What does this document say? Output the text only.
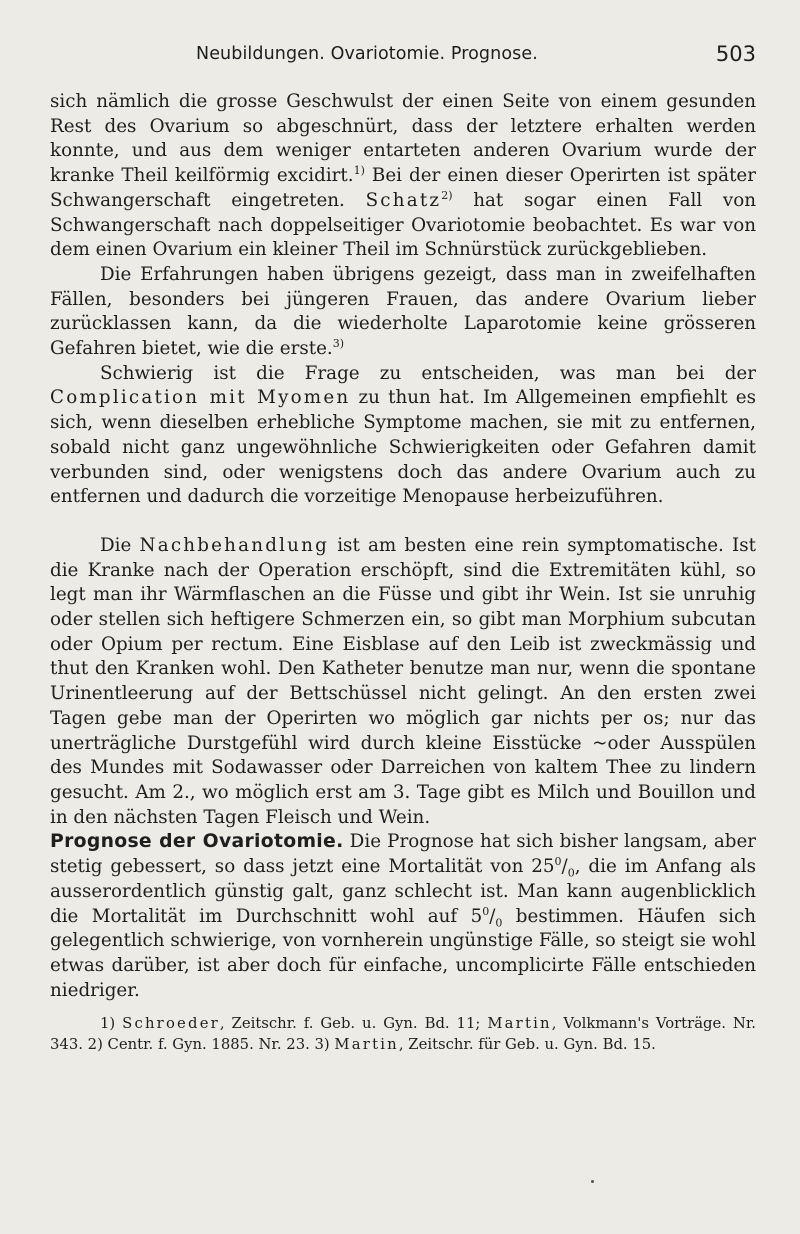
Neubildungen. Ovariotomie. Prognose.	503

sich nämlich die grosse Geschwulst der einen Seite von einem gesunden Rest des Ovarium so abgeschnürt, dass der letztere erhalten werden konnte, und aus dem weniger entarteten anderen Ovarium wurde der kranke Theil keilförmig excidirt.$^{1)}$ Bei der einen dieser Operirten ist später Schwangerschaft eingetreten. Schatz$^{2)}$ hat sogar einen Fall von Schwangerschaft nach doppelseitiger Ovariotomie beobachtet. Es war von dem einen Ovarium ein kleiner Theil im Schnürstück zurückgeblieben.

Die Erfahrungen haben übrigens gezeigt, dass man in zweifelhaften Fällen, besonders bei jüngeren Frauen, das andere Ovarium lieber zurücklassen kann, da die wiederholte Laparotomie keine grösseren Gefahren bietet, wie die erste.$^{3)}$

Schwierig ist die Frage zu entscheiden, was man bei der Complication mit Myomen zu thun hat. Im Allgemeinen empfiehlt es sich, wenn dieselben erhebliche Symptome machen, sie mit zu entfernen, sobald nicht ganz ungewöhnliche Schwierigkeiten oder Gefahren damit verbunden sind, oder wenigstens doch das andere Ovarium auch zu entfernen und dadurch die vorzeitige Menopause herbeizuführen.

Die Nachbehandlung ist am besten eine rein symptomatische. Ist die Kranke nach der Operation erschöpft, sind die Extremitäten kühl, so legt man ihr Wärmflaschen an die Füsse und gibt ihr Wein. Ist sie unruhig oder stellen sich heftigere Schmerzen ein, so gibt man Morphium subcutan oder Opium per rectum. Eine Eisblase auf den Leib ist zweckmässig und thut den Kranken wohl. Den Katheter benutze man nur, wenn die spontane Urinentleerung auf der Bettschüssel nicht gelingt. An den ersten zwei Tagen gebe man der Operirten wo möglich gar nichts per os; nur das unerträgliche Durstgefühl wird durch kleine Eisstücke ~oder Ausspülen des Mundes mit Sodawasser oder Darreichen von kaltem Thee zu lindern gesucht. Am 2., wo möglich erst am 3. Tage gibt es Milch und Bouillon und in den nächsten Tagen Fleisch und Wein.

Prognose der Ovariotomie. Die Prognose hat sich bisher langsam, aber stetig gebessert, so dass jetzt eine Mortalität von $25^0/_0$, die im Anfang als ausserordentlich günstig galt, ganz schlecht ist. Man kann augenblicklich die Mortalität im Durchschnitt wohl auf $5^0/_0$ bestimmen. Häufen sich gelegentlich schwierige, von vornherein ungünstige Fälle, so steigt sie wohl etwas darüber, ist aber doch für einfache, uncomplicirte Fälle entschieden niedriger.

1) Schroeder, Zeitschr. f. Geb. u. Gyn. Bd. 11; Martin, Volkmann's Vorträge. Nr. 343. 2) Centr. f. Gyn. 1885. Nr. 23. 3) Martin, Zeitschr. für Geb. u. Gyn. Bd. 15.
